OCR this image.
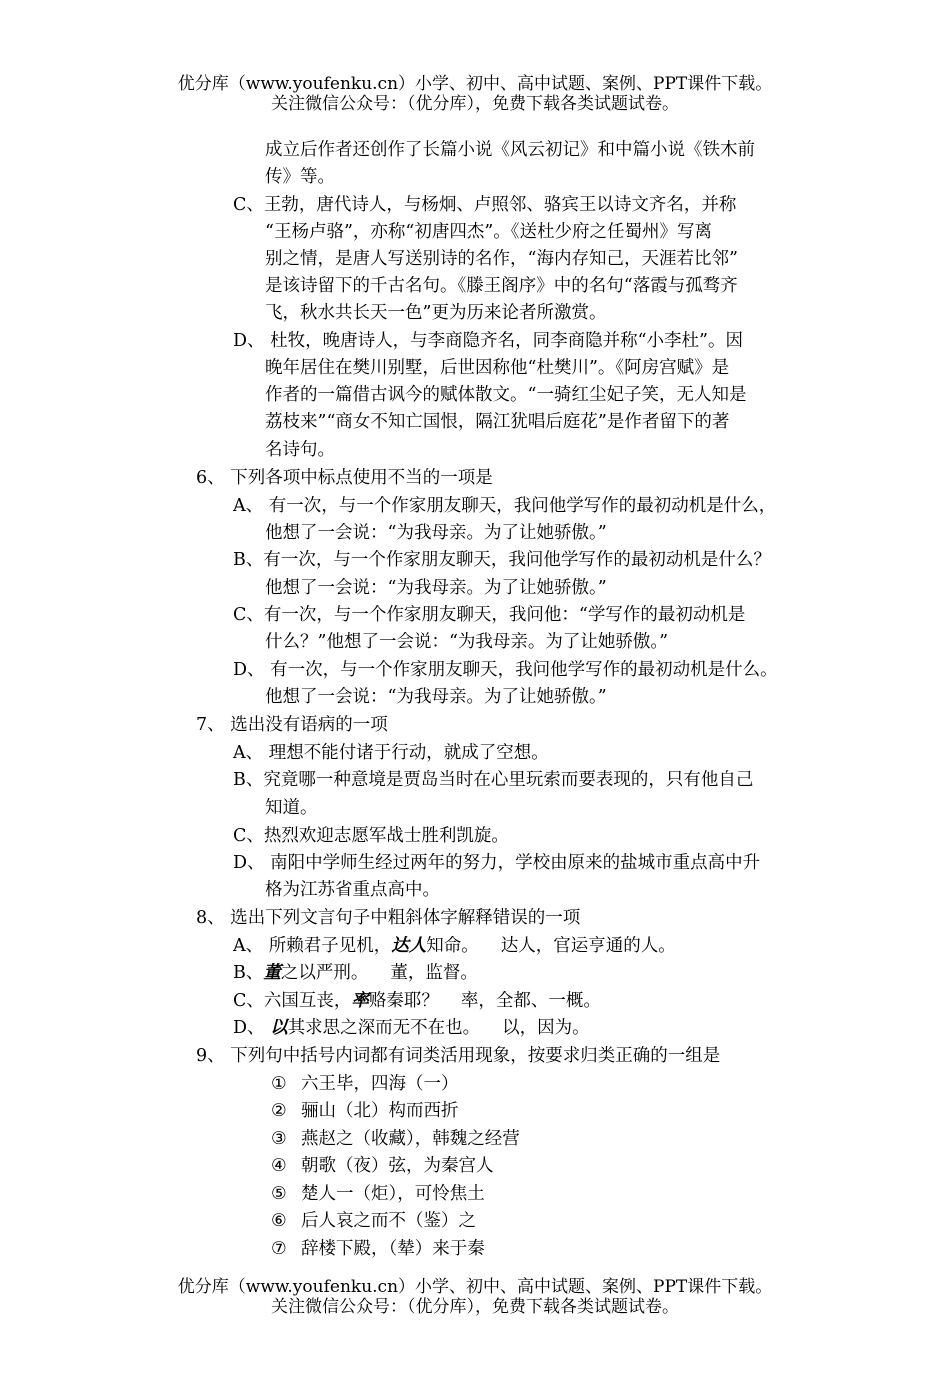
优分库（www.youfenku.cn）小学、初中、高中试题、案例、PPT课件下载。
关注微信公众号：（优分库），免费下载各类试题试卷。
成立后作者还创作了长篇小说《风云初记》和中篇小说《铁木前
传》等。
C、王勃，唐代诗人，与杨炯、卢照邻、骆宾王以诗文齐名，并称
“王杨卢骆”，亦称“初唐四杰”。《送杜少府之任蜀州》写离
别之情，是唐人写送别诗的名作，“海内存知己，天涯若比邻”
是该诗留下的千古名句。《滕王阁序》中的名句“落霞与孤骛齐
飞，秋水共长天一色”更为历来论者所激赏。
D、 杜牧，晚唐诗人，与李商隐齐名，同李商隐并称“小李杜”。因
晚年居住在樊川别墅，后世因称他“杜樊川”。《阿房宫赋》是
作者的一篇借古讽今的赋体散文。“一骑红尘妃子笑，无人知是
荔枝来”“商女不知亡国恨，隔江犹唱后庭花”是作者留下的著
名诗句。
6、 下列各项中标点使用不当的一项是
A、 有一次，与一个作家朋友聊天，我问他学写作的最初动机是什么，
他想了一会说：“为我母亲。为了让她骄傲。”
B、有一次，与一个作家朋友聊天，我问他学写作的最初动机是什么？
他想了一会说：“为我母亲。为了让她骄傲。”
C、有一次，与一个作家朋友聊天，我问他：“学写作的最初动机是
什么？”他想了一会说：“为我母亲。为了让她骄傲。”
D、 有一次，与一个作家朋友聊天，我问他学写作的最初动机是什么。
他想了一会说：“为我母亲。为了让她骄傲。”
7、 选出没有语病的一项
A、 理想不能付诸于行动，就成了空想。
B、究竟哪一种意境是贾岛当时在心里玩索而要表现的，只有他自己
知道。
C、热烈欢迎志愿军战士胜利凯旋。
D、 南阳中学师生经过两年的努力，学校由原来的盐城市重点高中升
格为江苏省重点高中。
8、 选出下列文言句子中粗斜体字解释错误的一项
A、 所赖君子见机，达人知命。 达人，官运亨通的人。
B、董之以严刑。 董，监督。
C、六国互丧，率赂秦耶？ 率，全都、一概。
D、 以其求思之深而无不在也。 以，因为。
9、 下列句中括号内词都有词类活用现象，按要求归类正确的一组是
① 六王毕，四海（一）
② 骊山（北）构而西折
③ 燕赵之（收藏），韩魏之经营
④ 朝歌（夜）弦，为秦宫人
⑤ 楚人一（炬），可怜焦土
⑥ 后人哀之而不（鉴）之
⑦ 辞楼下殿，（辇）来于秦
优分库（www.youfenku.cn）小学、初中、高中试题、案例、PPT课件下载。
关注微信公众号：（优分库），免费下载各类试题试卷。
